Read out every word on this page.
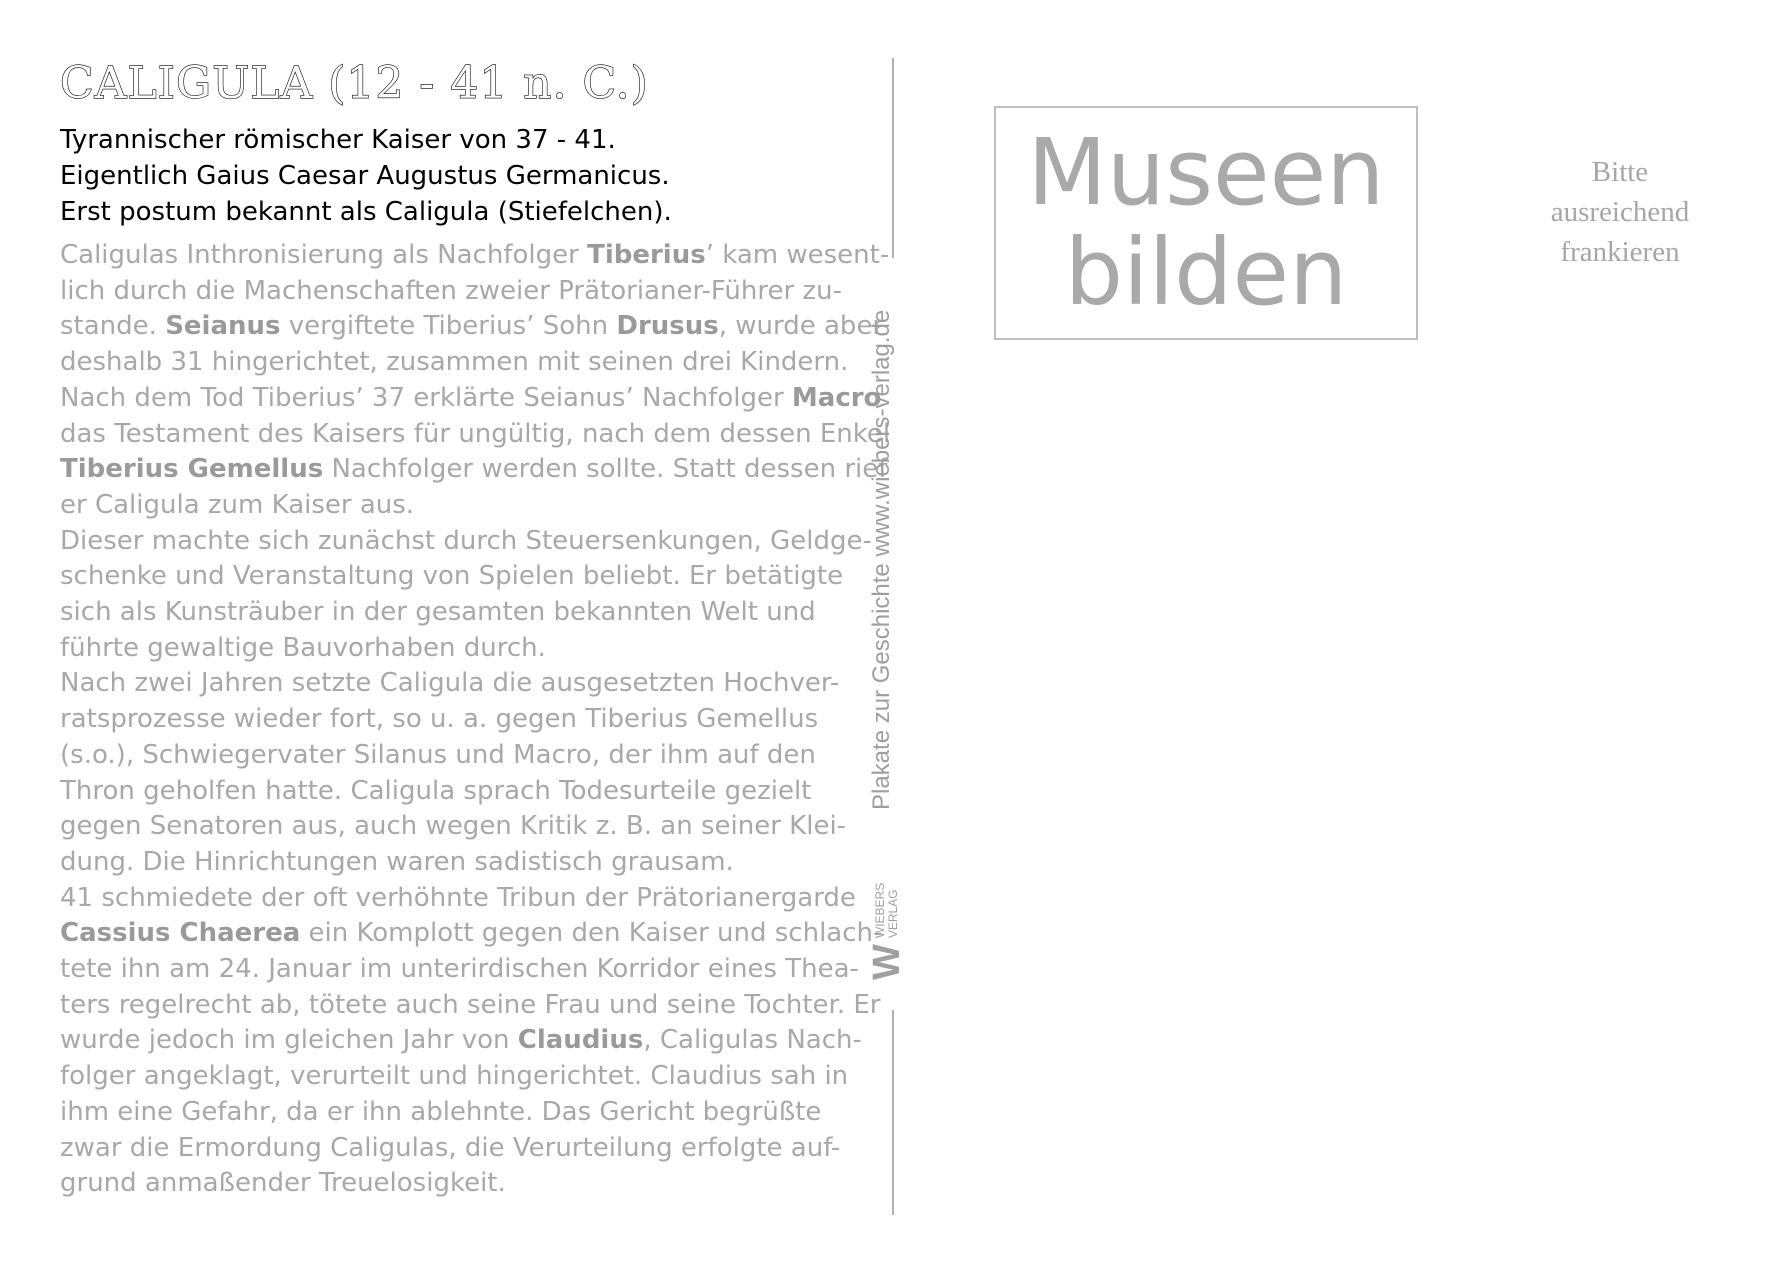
CALIGULA (12 - 41 n. C.)
Tyrannischer römischer Kaiser von 37 - 41.
Eigentlich Gaius Caesar Augustus Germanicus.
Erst postum bekannt als Caligula (Stiefelchen).
Caligulas Inthronisierung als Nachfolger Tiberius’ kam wesent-
lich durch die Machenschaften zweier Prätorianer-Führer zu-
stande. Seianus vergiftete Tiberius’ Sohn Drusus, wurde aber
deshalb 31 hingerichtet, zusammen mit seinen drei Kindern.
Nach dem Tod Tiberius’ 37 erklärte Seianus’ Nachfolger Macro
das Testament des Kaisers für ungültig, nach dem dessen Enkel
Tiberius Gemellus Nachfolger werden sollte. Statt dessen rief
er Caligula zum Kaiser aus.
Dieser machte sich zunächst durch Steuersenkungen, Geldge-
schenke und Veranstaltung von Spielen beliebt. Er betätigte
sich als Kunsträuber in der gesamten bekannten Welt und
führte gewaltige Bauvorhaben durch.
Nach zwei Jahren setzte Caligula die ausgesetzten Hochver-
ratsprozesse wieder fort, so u. a. gegen Tiberius Gemellus
(s.o.), Schwiegervater Silanus und Macro, der ihm auf den
Thron geholfen hatte. Caligula sprach Todesurteile gezielt
gegen Senatoren aus, auch wegen Kritik z. B. an seiner Klei-
dung. Die Hinrichtungen waren sadistisch grausam.
41 schmiedete der oft verhöhnte Tribun der Prätorianergarde
Cassius Chaerea ein Komplott gegen den Kaiser und schlach-
tete ihn am 24. Januar im unterirdischen Korridor eines Thea-
ters regelrecht ab, tötete auch seine Frau und seine Tochter. Er
wurde jedoch im gleichen Jahr von Claudius, Caligulas Nach-
folger angeklagt, verurteilt und hingerichtet. Claudius sah in
ihm eine Gefahr, da er ihn ablehnte. Das Gericht begrüßte
zwar die Ermordung Caligulas, die Verurteilung erfolgte auf-
grund anmaßender Treuelosigkeit.
Plakate zur Geschichte www.wiebers-verlag.de
W
WIEBERS VERLAG
Museen
bilden
Bitte
ausreichend
frankieren
